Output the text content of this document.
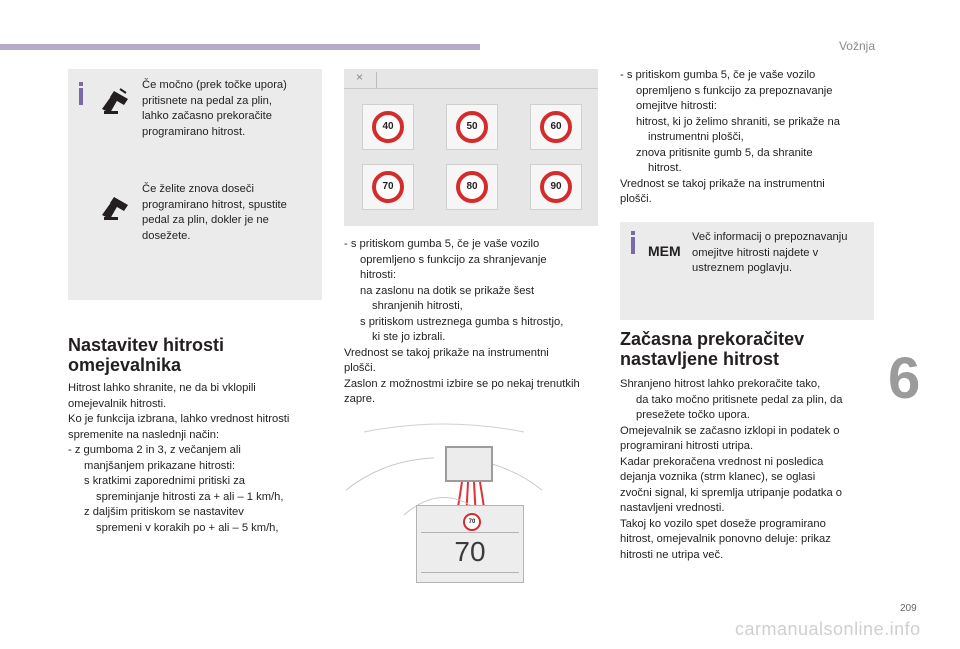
Vožnja
6
209
carmanualsonline.info
Če močno (prek točke upora)
pritisnete na pedal za plin,
lahko začasno prekoračite
programirano hitrost.
Če želite znova doseči
programirano hitrost, spustite
pedal za plin, dokler je ne
dosežete.
Nastavitev hitrosti
omejevalnika
Hitrost lahko shranite, ne da bi vklopili
omejevalnik hitrosti.
Ko je funkcija izbrana, lahko vrednost hitrosti
spremenite na naslednji način:
- z gumboma 2 in 3, z večanjem ali
manjšanjem prikazane hitrosti:
s kratkimi zaporednimi pritiski za
spreminjanje hitrosti za + ali – 1 km/h,
z daljšim pritiskom se nastavitev
spremeni v korakih po + ali – 5 km/h,
×
40	50	60
70	80	90
- s pritiskom gumba 5, če je vaše vozilo
opremljeno s funkcijo za shranjevanje
hitrosti:
na zaslonu na dotik se prikaže šest
shranjenih hitrosti,
s pritiskom ustreznega gumba s hitrostjo,
ki ste jo izbrali.
Vrednost se takoj prikaže na instrumentni
plošči.
Zaslon z možnostmi izbire se po nekaj trenutkih
zapre.
70
70
- s pritiskom gumba 5, če je vaše vozilo
opremljeno s funkcijo za prepoznavanje
omejitve hitrosti:
hitrost, ki jo želimo shraniti, se prikaže na
instrumentni plošči,
znova pritisnite gumb 5, da shranite
hitrost.
Vrednost se takoj prikaže na instrumentni
plošči.
MEM
Več informacij o prepoznavanju
omejitve hitrosti najdete v
ustreznem poglavju.
Začasna prekoračitev
nastavljene hitrost
Shranjeno hitrost lahko prekoračite tako,
da tako močno pritisnete pedal za plin, da
presežete točko upora.
Omejevalnik se začasno izklopi in podatek o
programirani hitrosti utripa.
Kadar prekoračena vrednost ni posledica
dejanja voznika (strm klanec), se oglasi
zvočni signal, ki spremlja utripanje podatka o
nastavljeni vrednosti.
Takoj ko vozilo spet doseže programirano
hitrost, omejevalnik ponovno deluje: prikaz
hitrosti ne utripa več.
